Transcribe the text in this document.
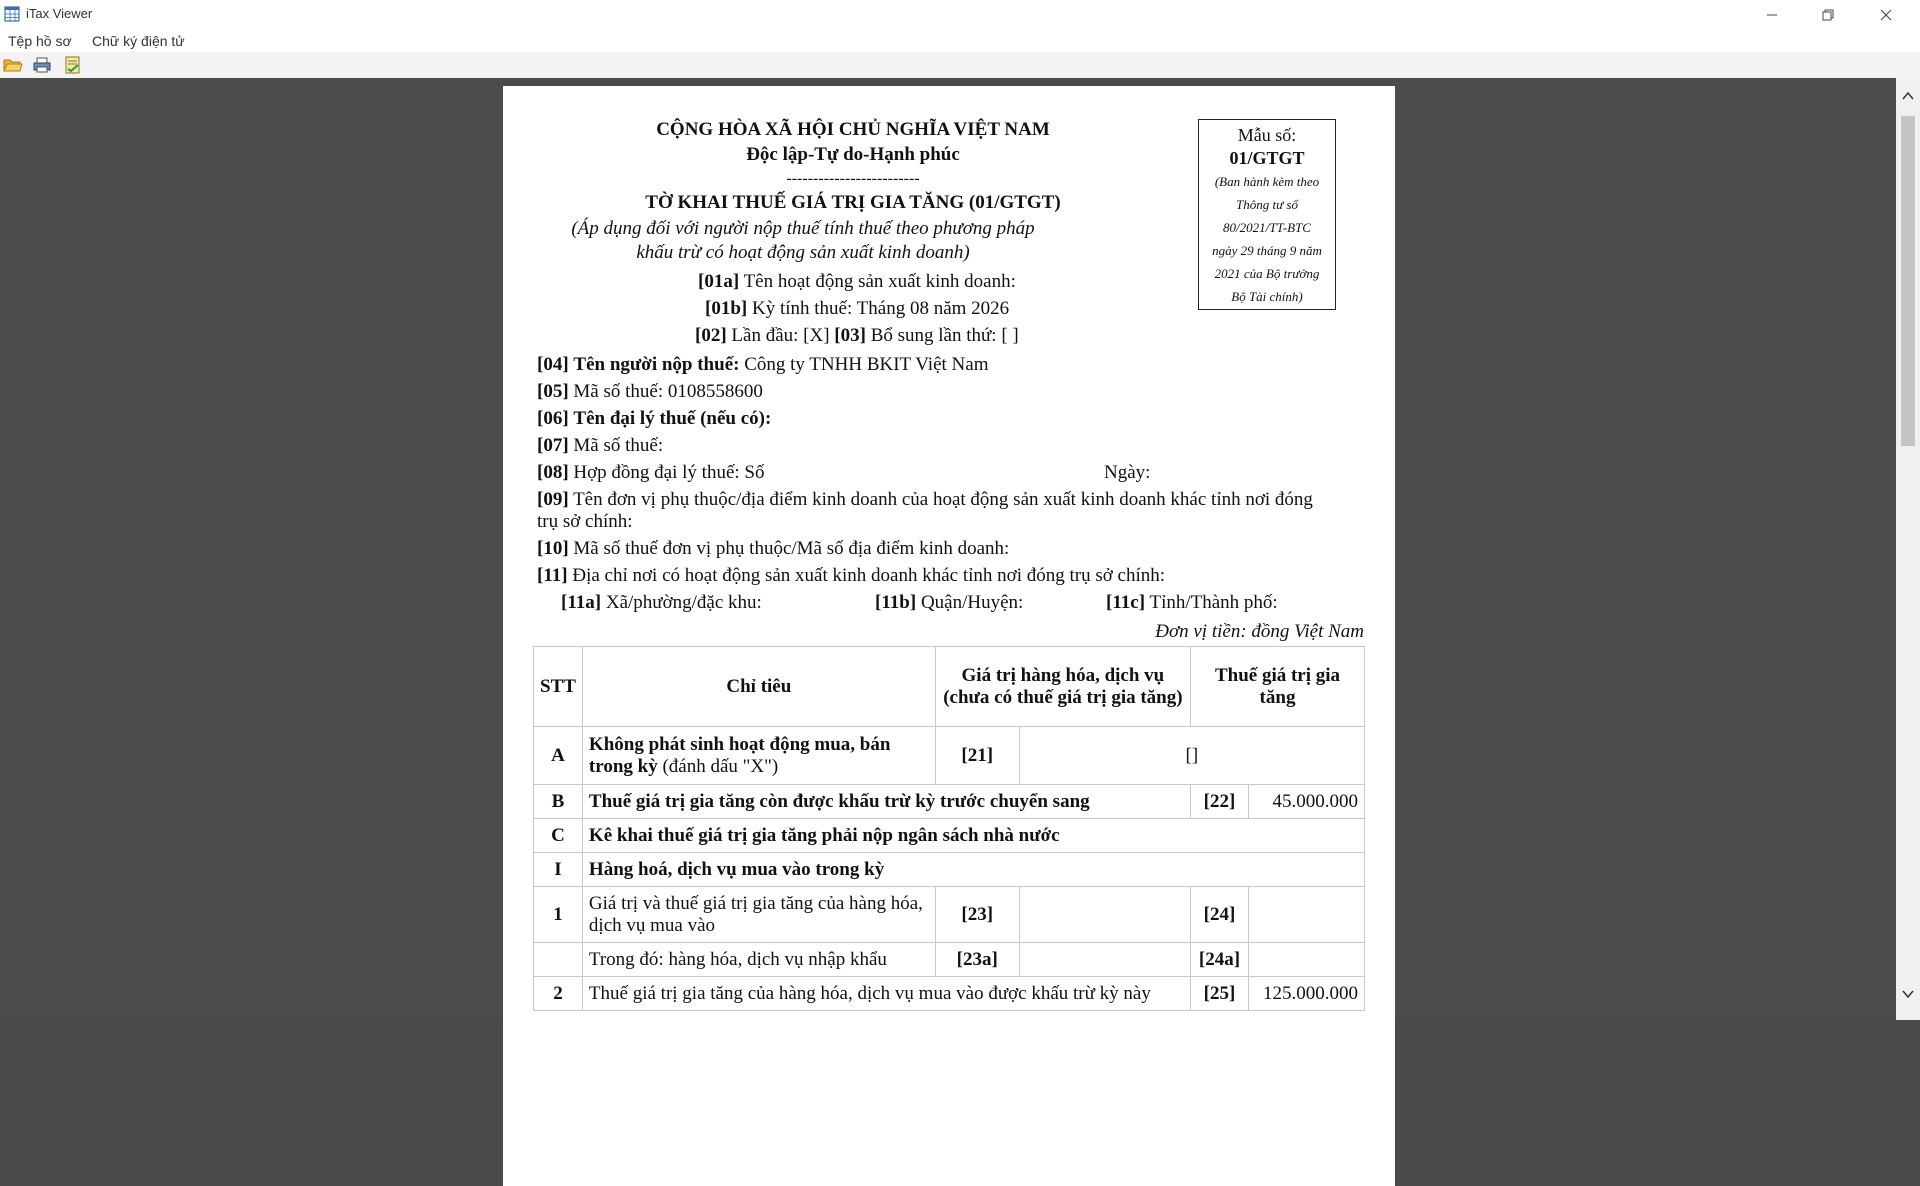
iTax Viewer
Tệp hồ sơ Chữ ký điện tử
CỘNG HÒA XÃ HỘI CHỦ NGHĨA VIỆT NAM
Độc lập-Tự do-Hạnh phúc
-------------------------
TỜ KHAI THUẾ GIÁ TRỊ GIA TĂNG (01/GTGT)
(Áp dụng đối với người nộp thuế tính thuế theo phương pháp
khấu trừ có hoạt động sản xuất kinh doanh)
Mẫu số:
01/GTGT
(Ban hành kèm theo
Thông tư số
80/2021/TT-BTC
ngày 29 tháng 9 năm
2021 của Bộ trưởng
Bộ Tài chính)
[01a] Tên hoạt động sản xuất kinh doanh:
[01b] Kỳ tính thuế: Tháng 08 năm 2026
[02] Lần đầu: [X] [03] Bổ sung lần thứ: [ ]
[04] Tên người nộp thuế: Công ty TNHH BKIT Việt Nam
[05] Mã số thuế: 0108558600
[06] Tên đại lý thuế (nếu có):
[07] Mã số thuế:
[08] Hợp đồng đại lý thuế: Số	Ngày:
[09] Tên đơn vị phụ thuộc/địa điểm kinh doanh của hoạt động sản xuất kinh doanh khác tỉnh nơi đóng
trụ sở chính:
[10] Mã số thuế đơn vị phụ thuộc/Mã số địa điểm kinh doanh:
[11] Địa chỉ nơi có hoạt động sản xuất kinh doanh khác tỉnh nơi đóng trụ sở chính:
[11a] Xã/phường/đặc khu:	[11b] Quận/Huyện:	[11c] Tỉnh/Thành phố:
Đơn vị tiền: đồng Việt Nam
STT	Chỉ tiêu	Giá trị hàng hóa, dịch vụ (chưa có thuế giá trị gia tăng)		Thuế giá trị gia tăng	
A	Không phát sinh hoạt động mua, bán trong kỳ (đánh dấu "X")	[21]	[]		
B	Thuế giá trị gia tăng còn được khấu trừ kỳ trước chuyển sang			[22]	45.000.000
C	Kê khai thuế giá trị gia tăng phải nộp ngân sách nhà nước				
I	Hàng hoá, dịch vụ mua vào trong kỳ				
1	Giá trị và thuế giá trị gia tăng của hàng hóa, dịch vụ mua vào	[23]		[24]	
	Trong đó: hàng hóa, dịch vụ nhập khẩu	[23a]		[24a]	
2	Thuế giá trị gia tăng của hàng hóa, dịch vụ mua vào được khấu trừ kỳ này			[25]	125.000.000
